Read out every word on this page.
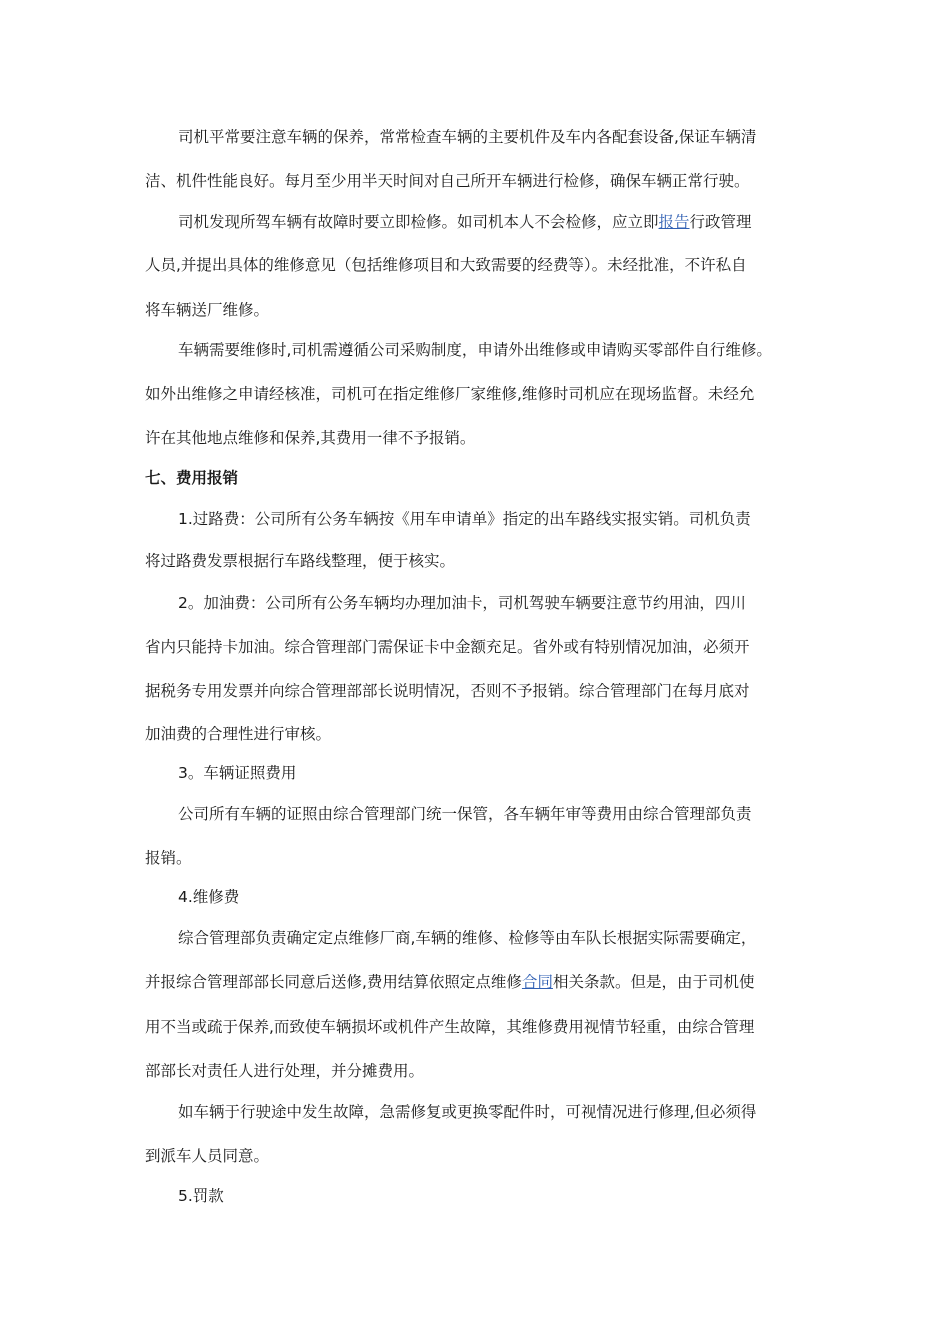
司机平常要注意车辆的保养，常常检查车辆的主要机件及车内各配套设备,保证车辆清
洁、机件性能良好。每月至少用半天时间对自己所开车辆进行检修，确保车辆正常行驶。
司机发现所驾车辆有故障时要立即检修。如司机本人不会检修，应立即报告行政管理
人员,并提出具体的维修意见（包括维修项目和大致需要的经费等）。未经批准，不许私自
将车辆送厂维修。
车辆需要维修时,司机需遵循公司采购制度，申请外出维修或申请购买零部件自行维修。
如外出维修之申请经核准，司机可在指定维修厂家维修,维修时司机应在现场监督。未经允
许在其他地点维修和保养,其费用一律不予报销。
七、费用报销
1.过路费：公司所有公务车辆按《用车申请单》指定的出车路线实报实销。司机负责
将过路费发票根据行车路线整理，便于核实。
2。加油费：公司所有公务车辆均办理加油卡，司机驾驶车辆要注意节约用油，四川
省内只能持卡加油。综合管理部门需保证卡中金额充足。省外或有特别情况加油，必须开
据税务专用发票并向综合管理部部长说明情况，否则不予报销。综合管理部门在每月底对
加油费的合理性进行审核。
3。车辆证照费用
公司所有车辆的证照由综合管理部门统一保管，各车辆年审等费用由综合管理部负责
报销。
4.维修费
综合管理部负责确定定点维修厂商,车辆的维修、检修等由车队长根据实际需要确定，
并报综合管理部部长同意后送修,费用结算依照定点维修合同相关条款。但是，由于司机使
用不当或疏于保养,而致使车辆损坏或机件产生故障，其维修费用视情节轻重，由综合管理
部部长对责任人进行处理，并分摊费用。
如车辆于行驶途中发生故障，急需修复或更换零配件时，可视情况进行修理,但必须得
到派车人员同意。
5.罚款
